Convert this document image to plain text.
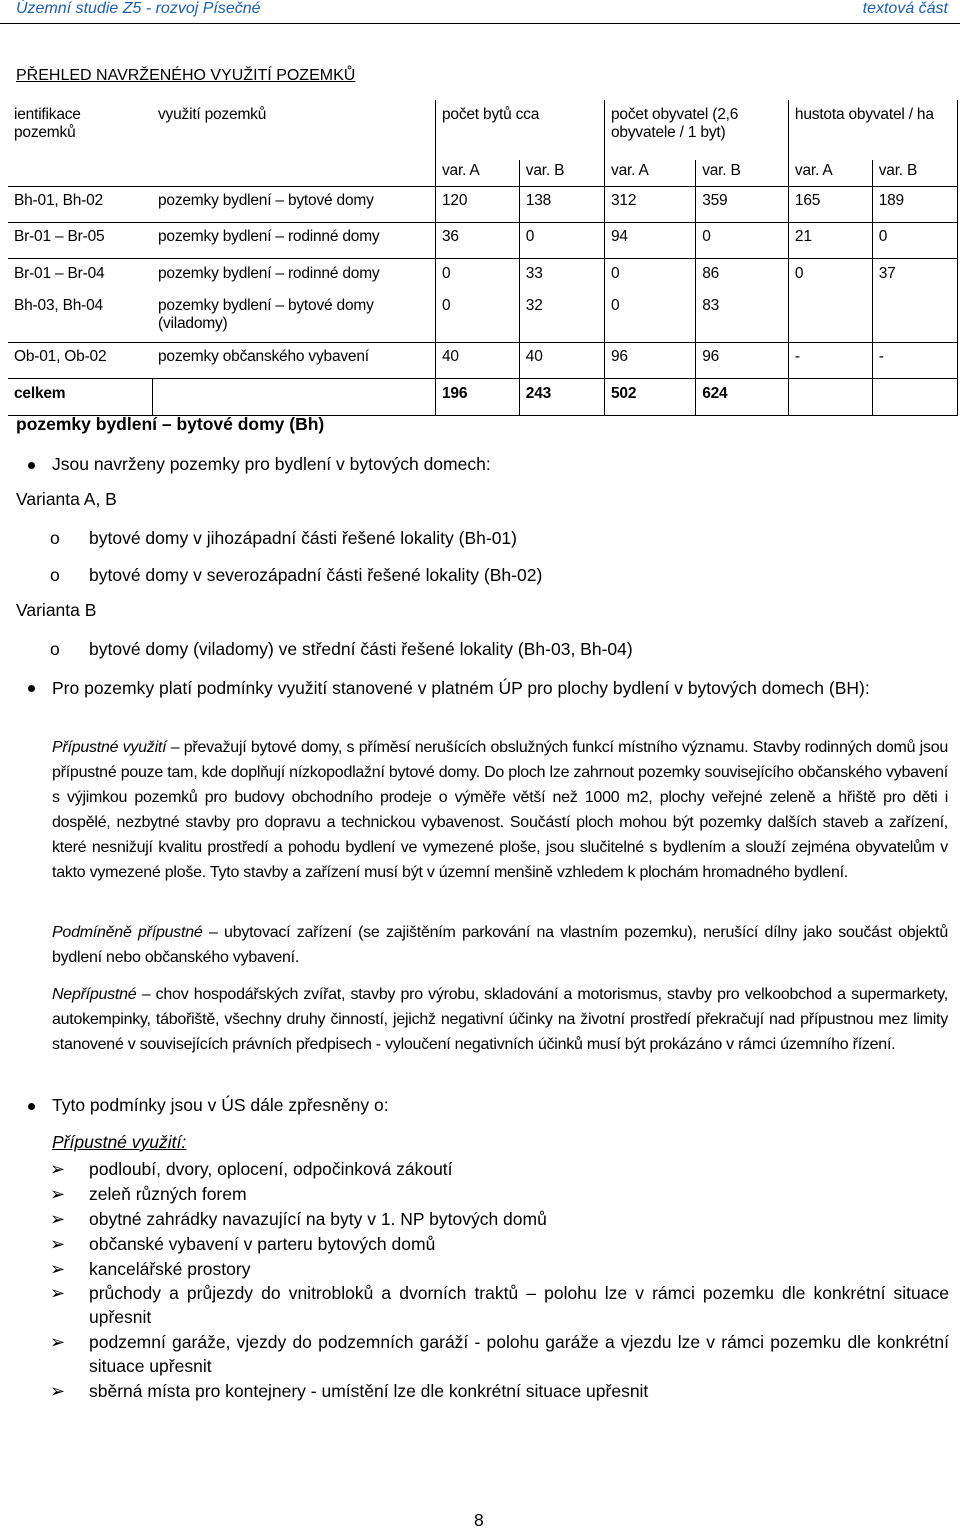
Územní studie Z5 - rozvoj Písečné	textová část
PŘEHLED NAVRŽENÉHO VYUŽITÍ POZEMKŮ
ientifikace pozemků	využití pozemků	počet bytů cca		počet obyvatel (2,6
obyvatele / 1 byt)		hustota obyvatel / ha	
		var. A	var. B	var. A	var. B	var. A	var. B
Bh-01, Bh-02	pozemky bydlení – bytové domy	120	138	312	359	165	189
Br-01 – Br-05	pozemky bydlení – rodinné domy	36	0	94	0	21	0
Br-01 – Br-04	pozemky bydlení – rodinné domy	0	33	0	86	0	37
Bh-03, Bh-04	pozemky bydlení – bytové domy
(viladomy)	0	32	0	83		
Ob-01, Ob-02	pozemky občanského vybavení	40	40	96	96	-	-
celkem		196	243	502	624		
pozemky bydlení – bytové domy (Bh)
Jsou navrženy pozemky pro bydlení v bytových domech:
Varianta A, B
o bytové domy v jihozápadní části řešené lokality (Bh-01)
o bytové domy v severozápadní části řešené lokality (Bh-02)
Varianta B
o bytové domy (viladomy) ve střední části řešené lokality (Bh-03, Bh-04)
Pro pozemky platí podmínky využití stanovené v platném ÚP pro plochy bydlení v bytových domech (BH):
Přípustné využití – převažují bytové domy, s příměsí nerušících obslužných funkcí místního významu. Stavby rodinných domů jsou přípustné pouze tam, kde doplňují nízkopodlažní bytové domy. Do ploch lze zahrnout pozemky souvisejícího občanského vybavení s výjimkou pozemků pro budovy obchodního prodeje o výměře větší než 1000 m2, plochy veřejné zeleně a hřiště pro děti i dospělé, nezbytné stavby pro dopravu a technickou vybavenost. Součástí ploch mohou být pozemky dalších staveb a zařízení, které nesnižují kvalitu prostředí a pohodu bydlení ve vymezené ploše, jsou slučitelné s bydlením a slouží zejména obyvatelům v takto vymezené ploše. Tyto stavby a zařízení musí být v územní menšině vzhledem k plochám hromadného bydlení.
Podmíněně přípustné – ubytovací zařízení (se zajištěním parkování na vlastním pozemku), nerušící dílny jako součást objektů bydlení nebo občanského vybavení.
Nepřípustné – chov hospodářských zvířat, stavby pro výrobu, skladování a motorismus, stavby pro velkoobchod a supermarkety, autokempinky, tábořiště, všechny druhy činností, jejichž negativní účinky na životní prostředí překračují nad přípustnou mez limity stanovené v souvisejících právních předpisech - vyloučení negativních účinků musí být prokázáno v rámci územního řízení.
Tyto podmínky jsou v ÚS dále zpřesněny o:
Přípustné využití:
➢ podloubí, dvory, oplocení, odpočinková zákoutí
➢ zeleň různých forem
➢ obytné zahrádky navazující na byty v 1. NP bytových domů
➢ občanské vybavení v parteru bytových domů
➢ kancelářské prostory
➢ průchody a průjezdy do vnitrobloků a dvorních traktů – polohu lze v rámci pozemku dle konkrétní situace upřesnit
➢ podzemní garáže, vjezdy do podzemních garáží - polohu garáže a vjezdu lze v rámci pozemku dle konkrétní situace upřesnit
➢ sběrná místa pro kontejnery - umístění lze dle konkrétní situace upřesnit
8
